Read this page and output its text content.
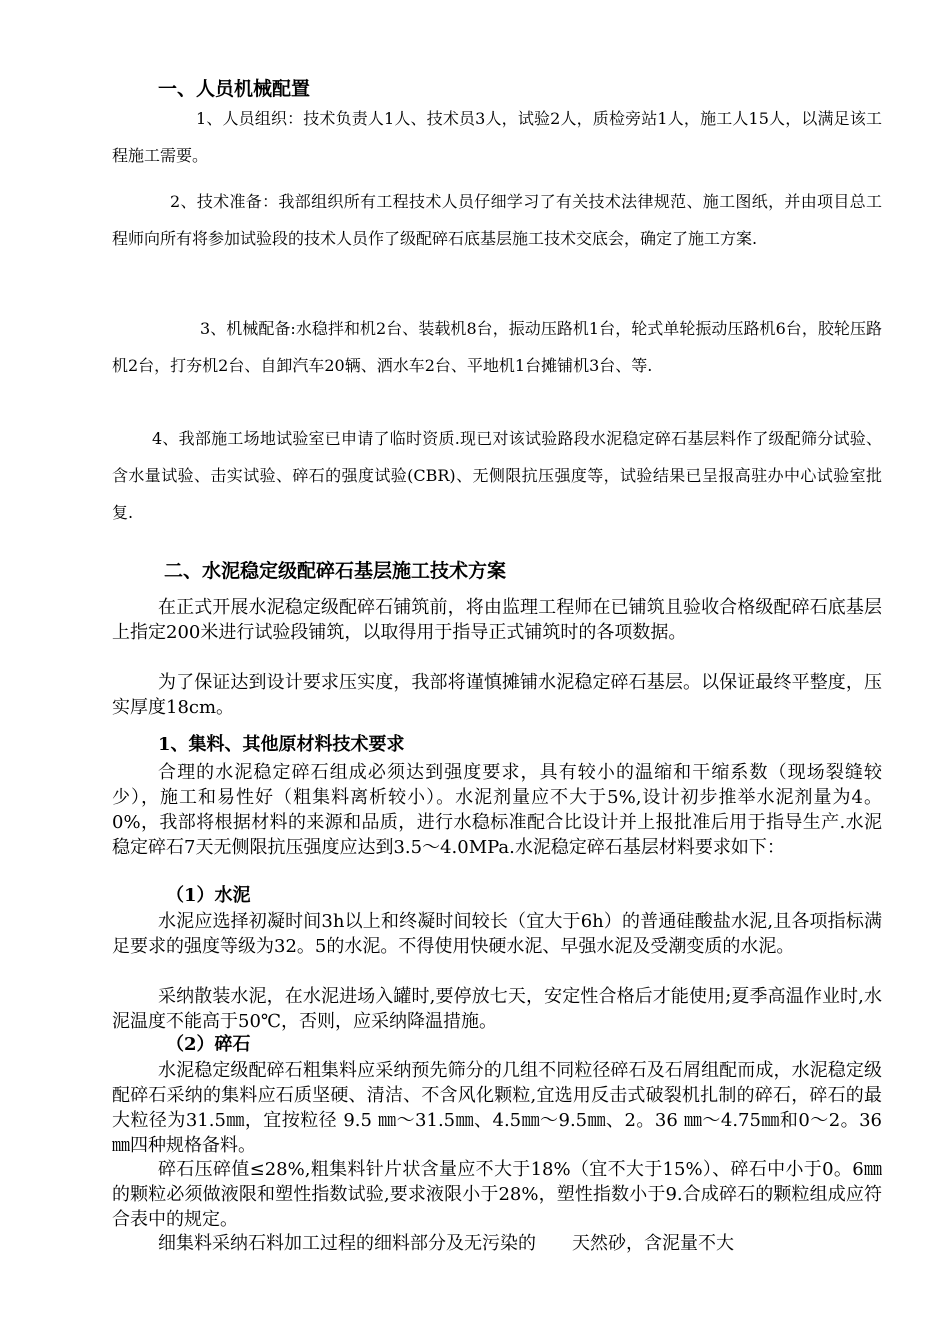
一、人员机械配置

1、人员组织：技术负责人1人、技术员3人，试验2人，质检旁站1人，施工人15人，以满足该工程施工需要。

2、技术准备：我部组织所有工程技术人员仔细学习了有关技术法律规范、施工图纸，并由项目总工程师向所有将参加试验段的技术人员作了级配碎石底基层施工技术交底会，确定了施工方案.

3、机械配备:水稳拌和机2台、装载机8台，振动压路机1台，轮式单轮振动压路机6台，胶轮压路机2台，打夯机2台、自卸汽车20辆、洒水车2台、平地机1台摊铺机3台、等.

4、我部施工场地试验室已申请了临时资质.现已对该试验路段水泥稳定碎石基层料作了级配筛分试验、含水量试验、击实试验、碎石的强度试验(CBR)、无侧限抗压强度等，试验结果已呈报高驻办中心试验室批复.

二、水泥稳定级配碎石基层施工技术方案

在正式开展水泥稳定级配碎石铺筑前，将由监理工程师在已铺筑且验收合格级配碎石底基层上指定200米进行试验段铺筑，以取得用于指导正式铺筑时的各项数据。

为了保证达到设计要求压实度，我部将谨慎摊铺水泥稳定碎石基层。以保证最终平整度，压实厚度18cm。

1、集料、其他原材料技术要求

合理的水泥稳定碎石组成必须达到强度要求，具有较小的温缩和干缩系数（现场裂缝较少），施工和易性好（粗集料离析较小）。水泥剂量应不大于5%,设计初步推举水泥剂量为4。0%，我部将根据材料的来源和品质，进行水稳标准配合比设计并上报批准后用于指导生产.水泥稳定碎石7天无侧限抗压强度应达到3.5～4.0MPa.水泥稳定碎石基层材料要求如下：

（1）水泥

水泥应选择初凝时间3h以上和终凝时间较长（宜大于6h）的普通硅酸盐水泥,且各项指标满足要求的强度等级为32。5的水泥。不得使用快硬水泥、早强水泥及受潮变质的水泥。

采纳散装水泥，在水泥进场入罐时,要停放七天，安定性合格后才能使用;夏季高温作业时,水泥温度不能高于50℃，否则，应采纳降温措施。

（2）碎石

水泥稳定级配碎石粗集料应采纳预先筛分的几组不同粒径碎石及石屑组配而成，水泥稳定级配碎石采纳的集料应石质坚硬、清洁、不含风化颗粒,宜选用反击式破裂机扎制的碎石，碎石的最大粒径为31.5㎜，宜按粒径 9.5 ㎜～31.5㎜、4.5㎜～9.5㎜、2。36 ㎜～4.75㎜和0～2。36㎜四种规格备料。

碎石压碎值≤28%,粗集料针片状含量应不大于18%（宜不大于15%）、碎石中小于0。6㎜的颗粒必须做液限和塑性指数试验,要求液限小于28%，塑性指数小于9.合成碎石的颗粒组成应符合表中的规定。

细集料采纳石料加工过程的细料部分及无污染的　　天然砂，含泥量不大
